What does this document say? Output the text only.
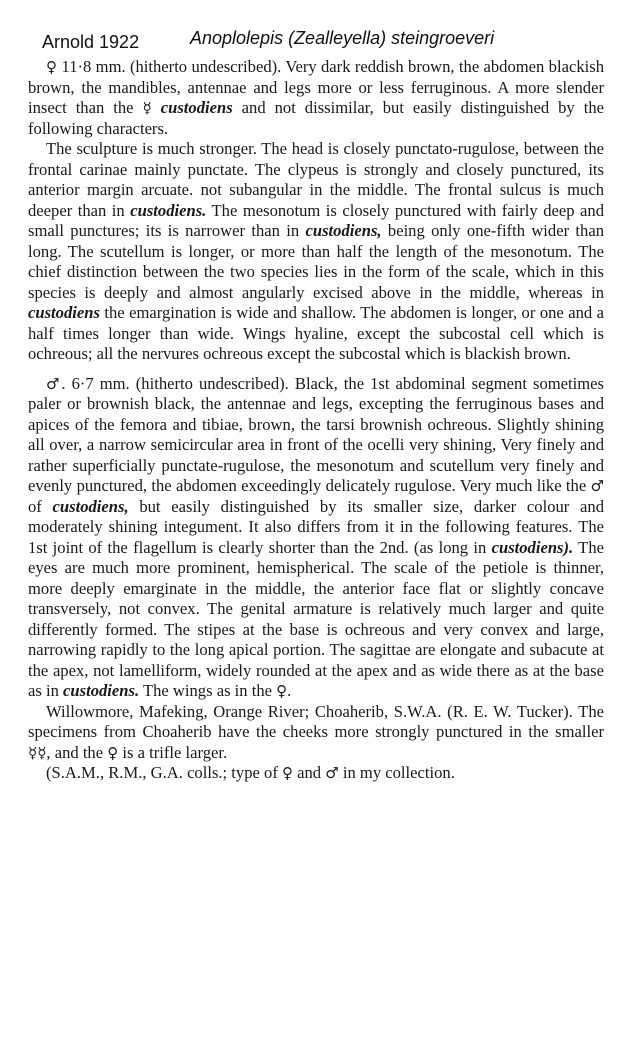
Arnold 1922	Anoplolepis (Zealleyella) steingroeveri

♀ 11·8 mm. (hitherto undescribed). Very dark reddish brown, the abdomen blackish brown, the mandibles, antennae and legs more or less ferruginous. A more slender insect than the ☿ custodiens and not dissimilar, but easily distinguished by the following characters.

The sculpture is much stronger. The head is closely punctato-rugulose, between the frontal carinae mainly punctate. The clypeus is strongly and closely punctured, its anterior margin arcuate. not subangular in the middle. The frontal sulcus is much deeper than in custodiens. The mesonotum is closely punctured with fairly deep and small punctures; its is narrower than in custodiens, being only one-fifth wider than long. The scutellum is longer, or more than half the length of the mesonotum. The chief distinction between the two species lies in the form of the scale, which in this species is deeply and almost angularly excised above in the middle, whereas in custodiens the emargination is wide and shallow. The abdomen is longer, or one and a half times longer than wide. Wings hyaline, except the subcostal cell which is ochreous; all the nervures ochreous except the subcostal which is blackish brown.

♂. 6·7 mm. (hitherto undescribed). Black, the 1st abdominal segment sometimes paler or brownish black, the antennae and legs, excepting the ferruginous bases and apices of the femora and tibiae, brown, the tarsi brownish ochreous. Slightly shining all over, a narrow semicircular area in front of the ocelli very shining, Very finely and rather superficially punctate-rugulose, the mesonotum and scutellum very finely and evenly punctured, the abdomen exceedingly delicately rugulose. Very much like the ♂ of custodiens, but easily distinguished by its smaller size, darker colour and moderately shining integument. It also differs from it in the following features. The 1st joint of the flagellum is clearly shorter than the 2nd. (as long in custodiens). The eyes are much more prominent, hemispherical. The scale of the petiole is thinner, more deeply emarginate in the middle, the anterior face flat or slightly concave transversely, not convex. The genital armature is relatively much larger and quite differently formed. The stipes at the base is ochreous and very convex and large, narrowing rapidly to the long apical portion. The sagittae are elongate and subacute at the apex, not lamelliform, widely rounded at the apex and as wide there as at the base as in custodiens. The wings as in the ♀.

Willowmore, Mafeking, Orange River; Choaherib, S.W.A. (R. E. W. Tucker). The specimens from Choaherib have the cheeks more strongly punctured in the smaller ☿☿, and the ♀ is a trifle larger.

(S.A.M., R.M., G.A. colls.; type of ♀ and ♂ in my collection.
